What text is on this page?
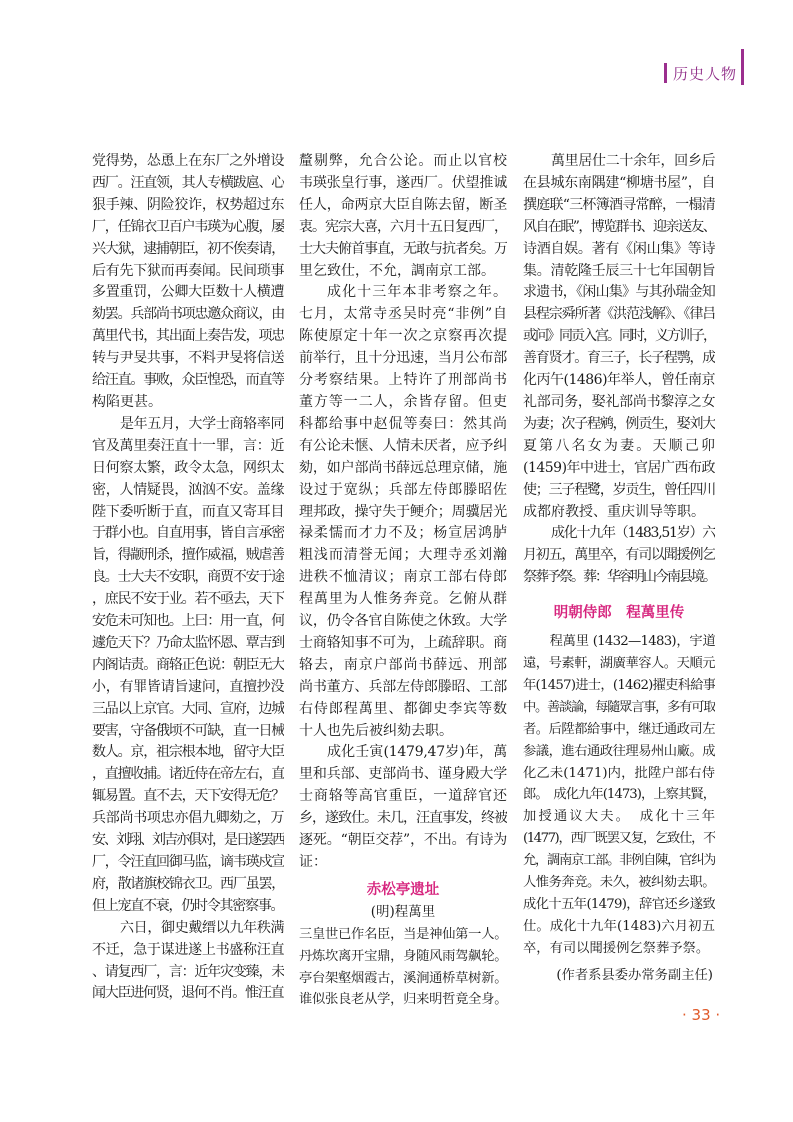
历史人物
党得势，怂恿上在东厂之外增设
西厂。汪直领，其人专横跋扈、心
狠手辣、阴险狡诈，权势超过东
厂，任锦衣卫百户韦瑛为心腹，屡
兴大狱，逮捕朝臣，初不俟奏请，
后有先下狱而再奏闻。民间琐事
多置重罚，公卿大臣数十人横遭
劾罢。兵部尚书项忠邀众商议，由
萬里代书，其出面上奏告发，项忠
转与尹旻共事，不料尹旻将信送
给汪直。事败，众臣惶恐，而直等
构陷更甚。
是年五月，大学士商辂率同
官及萬里奏汪直十一罪，言：近
日何察太繁，政令太急，网织太
密，人情疑畏，汹汹不安。盖缘
陛下委听断于直，而直又寄耳目
于群小也。自直用事，皆自言承密
旨，得颛刑杀，擅作威福，贼虐善
良。士大夫不安职，商贾不安于途
，庶民不安于业。若不亟去，天下
安危未可知也。上曰：用一直，何
遽危天下？乃命太监怀恩、覃吉到
内阁诘责。商辂正色说：朝臣无大
小，有罪皆请旨逮问，直擅抄没
三品以上京官。大同、宣府，边城
要害，守备俄顷不可缺，直一日械
数人。京，祖宗根本地，留守大臣
，直擅收捕。诸近侍在帝左右，直
辄易置。直不去，天下安得无危？
兵部尚书项忠亦倡九卿劾之，万
安、刘珝、刘吉亦俱对，是日遂罢西
厂，令汪直回御马监，谪韦瑛戍宣
府，散诸旗校锦衣卫。西厂虽罢，
但上宠直不衰，仍时令其密察事。
六日，御史戴缙以九年秩满
不迁，急于谋进遂上书盛称汪直
、请复西厂，言：近年灾变臻，未
闻大臣进何贤，退何不肖。惟汪直
釐剔弊，允合公论。而止以官校
韦瑛张皇行事，遂西厂。伏望推诚
任人，命两京大臣自陈去留，断圣
衷。宪宗大喜，六月十五日复西厂，
士大夫俯首事直，无敢与抗者矣。万
里乞致仕，不允，調南京工部。
成化十三年本非考察之年。
七月，太常寺丞吴时亮“非例”自
陈使原定十年一次之京察再次提
前举行，且十分迅速，当月公布部
分考察结果。上特许了刑部尚书
董方等一二人，余皆存留。但吏
科都给事中赵侃等奏曰：然其尚
有公论未惬、人情未厌者，应予纠
劾，如户部尚书薛远总理京储，施
设过于宽纵；兵部左侍郎滕昭佐
理邦政，操守失于鲠介；周骥居光
禄柔懦而才力不及；杨宣居鸿胪
粗浅而清誉无闻；大理寺丞刘瀚
进秩不恤清议；南京工部右侍郎
程萬里为人惟务奔竞。乞俯从群
议，仍令各官自陈使之休致。大学
士商辂知事不可为，上疏辞职。商
辂去，南京户部尚书薛远、刑部
尚书董方、兵部左侍郎滕昭、工部
右侍郎程萬里、都御史李宾等数
十人也先后被纠劾去职。
成化壬寅(1479,47岁)年，萬
里和兵部、吏部尚书、谨身殿大学
士商辂等高官重臣，一道辞官还
乡，遂致仕。未几，汪直事发，终被
逐死。“朝臣交荐”，不出。有诗为
证：
赤松亭遗址
(明)程萬里
三皇世已作名臣，当是神仙第一人。
丹炼坎离开宝鼎，身随风雨驾飙轮。
亭台架壑烟霞古，溪涧通桥草树新。
谁似张良老从学，归来明哲竟全身。
萬里居仕二十余年，回乡后
在县城东南隅建“柳塘书屋”，自
撰庭联“三杯簿酒寻常醉，一榻清
风自在眠”，博览群书、迎亲送友、
诗酒自娱。著有《闲山集》等诗
集。清乾隆壬辰三十七年国朝旨
求遗书，《闲山集》与其孙瑞金知
县程宗舜所著《洪范浅解》、《律吕
或问》同贡入宫。同时，义方训子，
善育贤才。育三子，长子程鹗，成
化丙午(1486)年举人，曾任南京
礼部司务，娶礼部尚书黎淳之女
为妻；次子程鹓，例贡生，娶刘大
夏第八名女为妻。天顺己卯
(1459)年中进士，官居广西布政
使；三子程鹭，岁贡生，曾任四川
成都府教授、重庆训导等职。
成化十九年（1483,51岁）六
月初五，萬里卒，有司以聞援例乞
祭葬予祭。葬：华容明山今南县境。
明朝侍郎　程萬里传
程萬里 (1432—1483)，宇道
遠，号素軒，湖廣華容人。天順元
年(1457)进士，(1462)擢吏科給事
中。善談論，每隨眾言事，多有可取
者。后陞都給事中，继迁通政司左
参議，進右通政往理易州山廠。成
化乙未(1471)内，批陞户部右侍
郎。　成化九年(1473)，上察其賢，
加授通议大夫。　成化十三年
(1477)，西厂既罢又复，乞致仕，不
允，調南京工部。非例自陳，官纠为
人惟务奔竞。未久，被纠劾去职。
成化十五年(1479)，辞官还乡遂致
仕。成化十九年(1483)六月初五
卒，有司以聞援例乞祭葬予祭。
(作者系县委办常务副主任)
· 33 ·
